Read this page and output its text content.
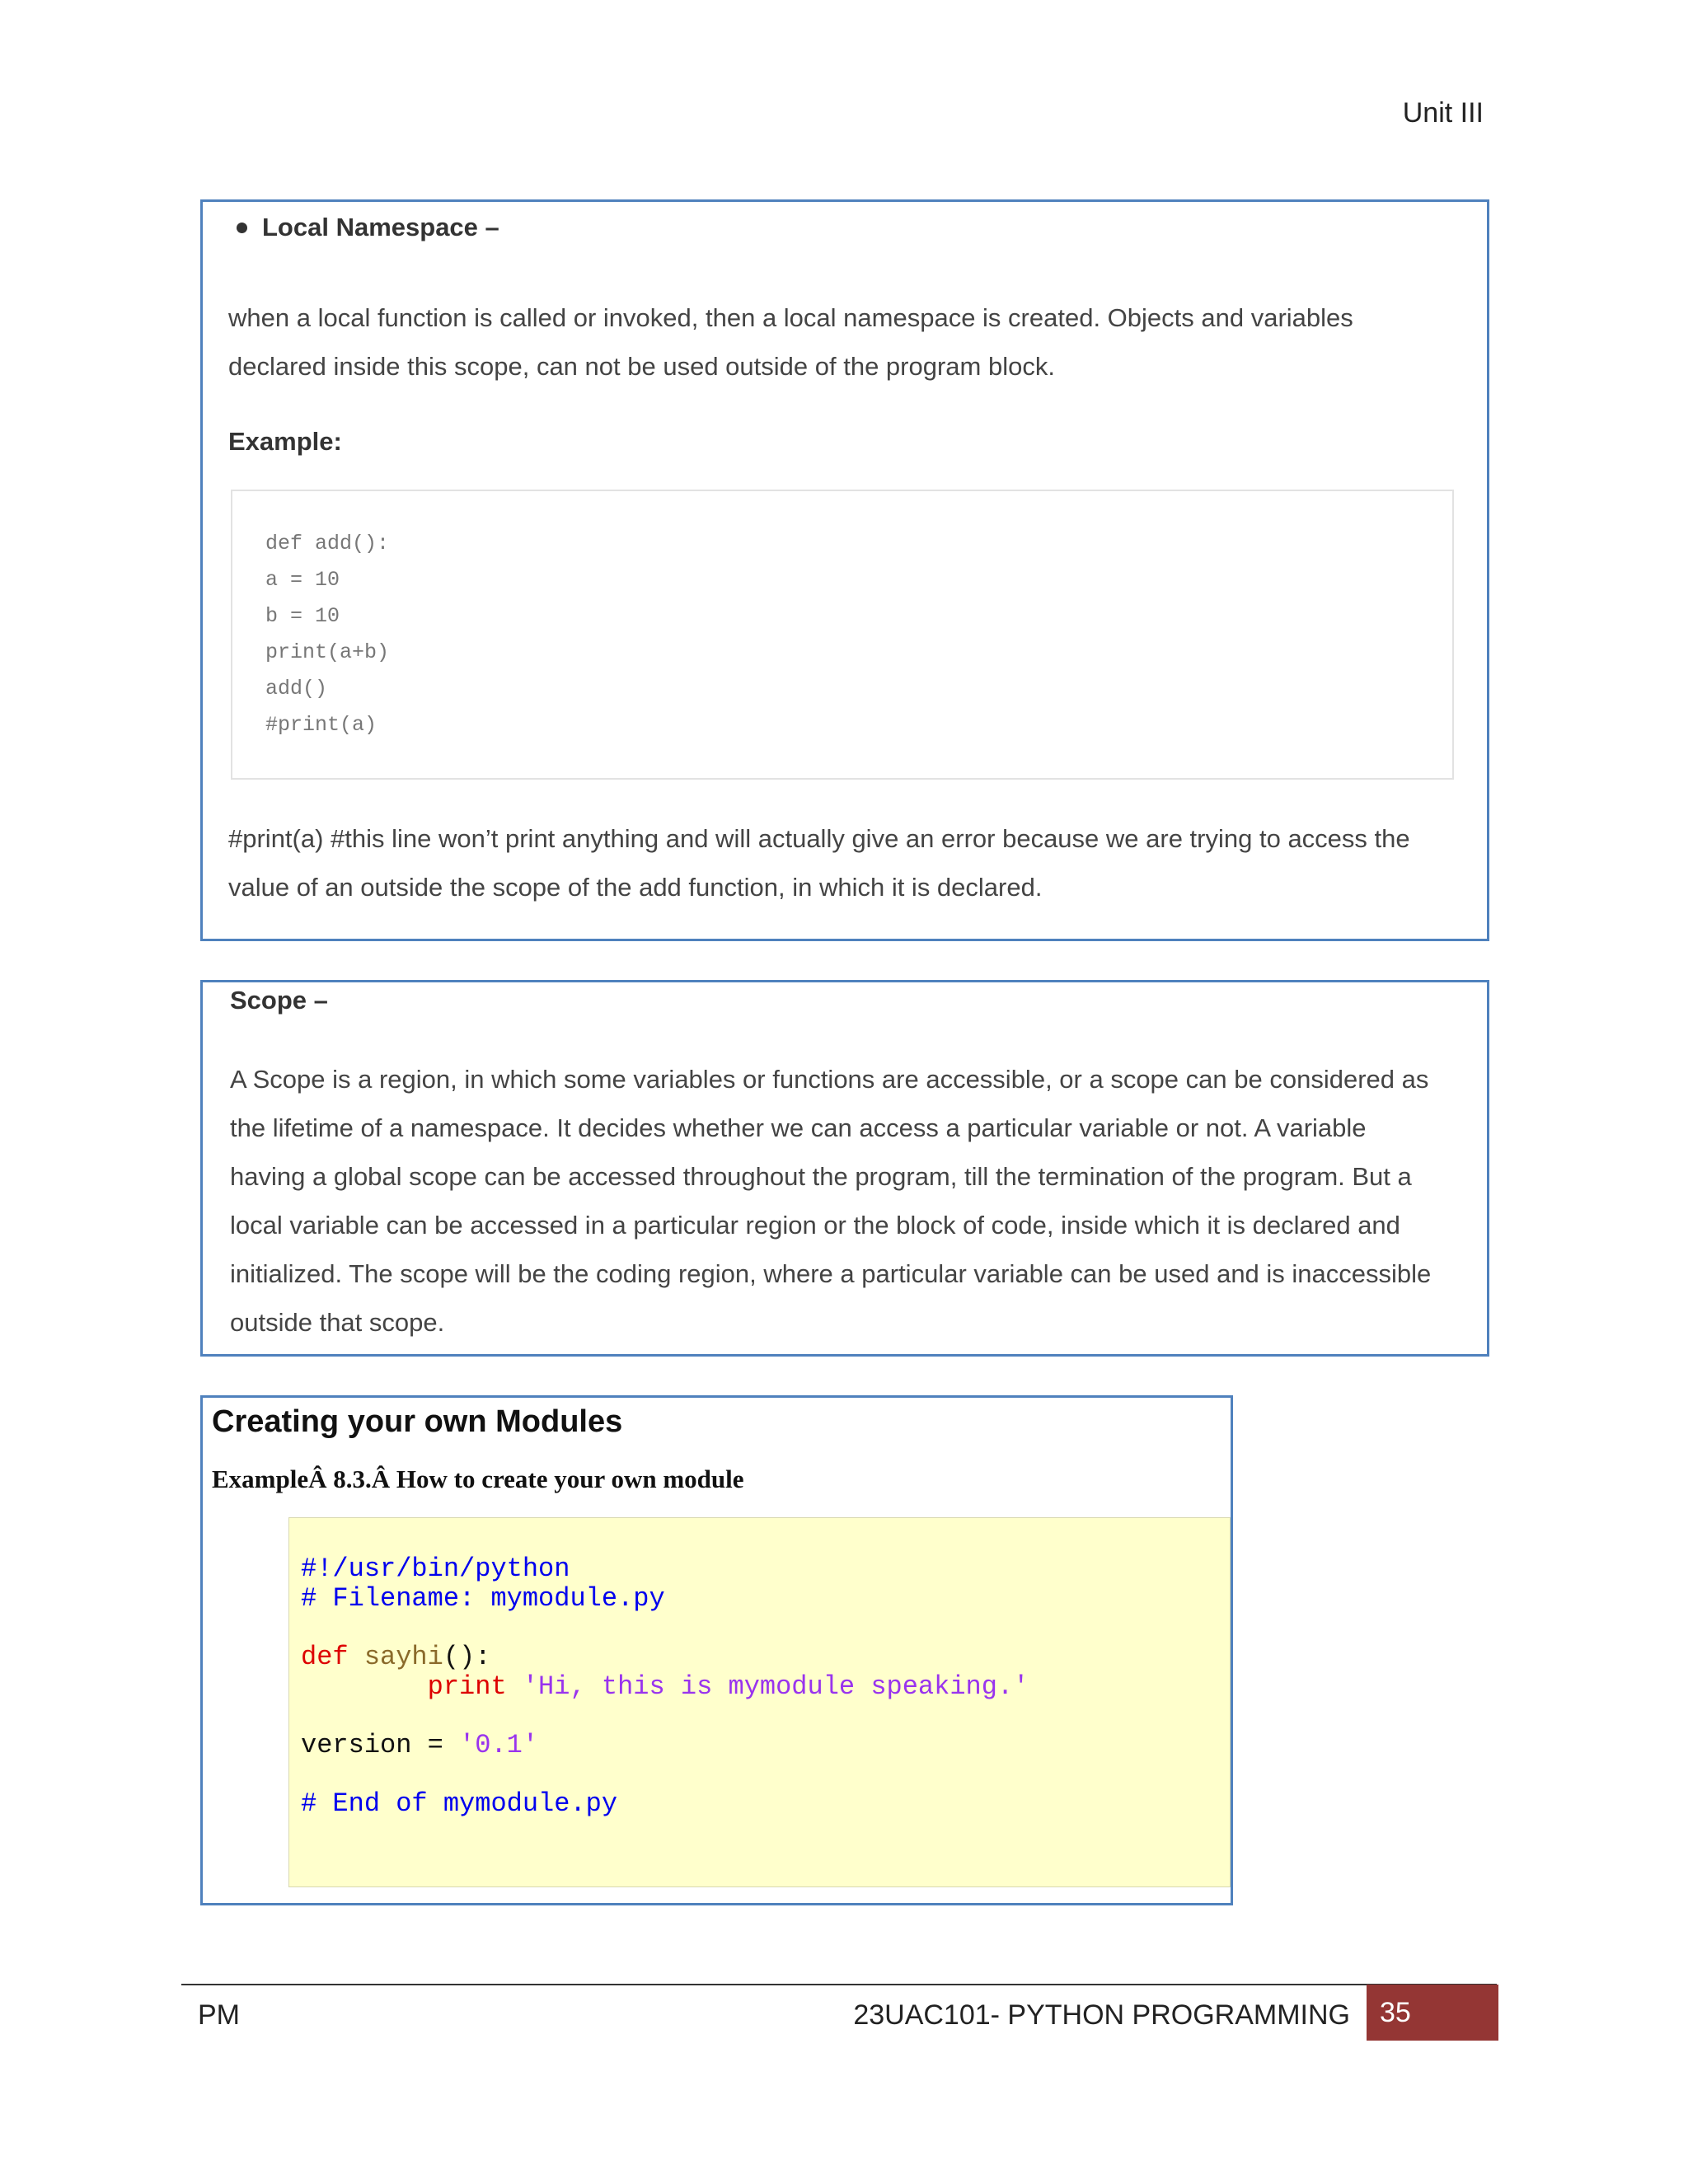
Unit III
Local Namespace –
when a local function is called or invoked, then a local namespace is created. Objects and variables
declared inside this scope, can not be used outside of the program block.
Example:
def add():
a = 10
b = 10
print(a+b)
add()
#print(a)
#print(a) #this line won’t print anything and will actually give an error because we are trying to access the
value of an outside the scope of the add function, in which it is declared.
Scope –
A Scope is a region, in which some variables or functions are accessible, or a scope can be considered as
the lifetime of a namespace. It decides whether we can access a particular variable or not. A variable
having a global scope can be accessed throughout the program, till the termination of the program. But a
local variable can be accessed in a particular region or the block of code, inside which it is declared and
initialized. The scope will be the coding region, where a particular variable can be used and is inaccessible
outside that scope.
Creating your own Modules
ExampleÂ 8.3.Â How to create your own module
#!/usr/bin/python
# Filename: mymodule.py
def sayhi():
print 'Hi, this is mymodule speaking.'
version = '0.1'
# End of mymodule.py
PM	23UAC101- PYTHON PROGRAMMING	35
